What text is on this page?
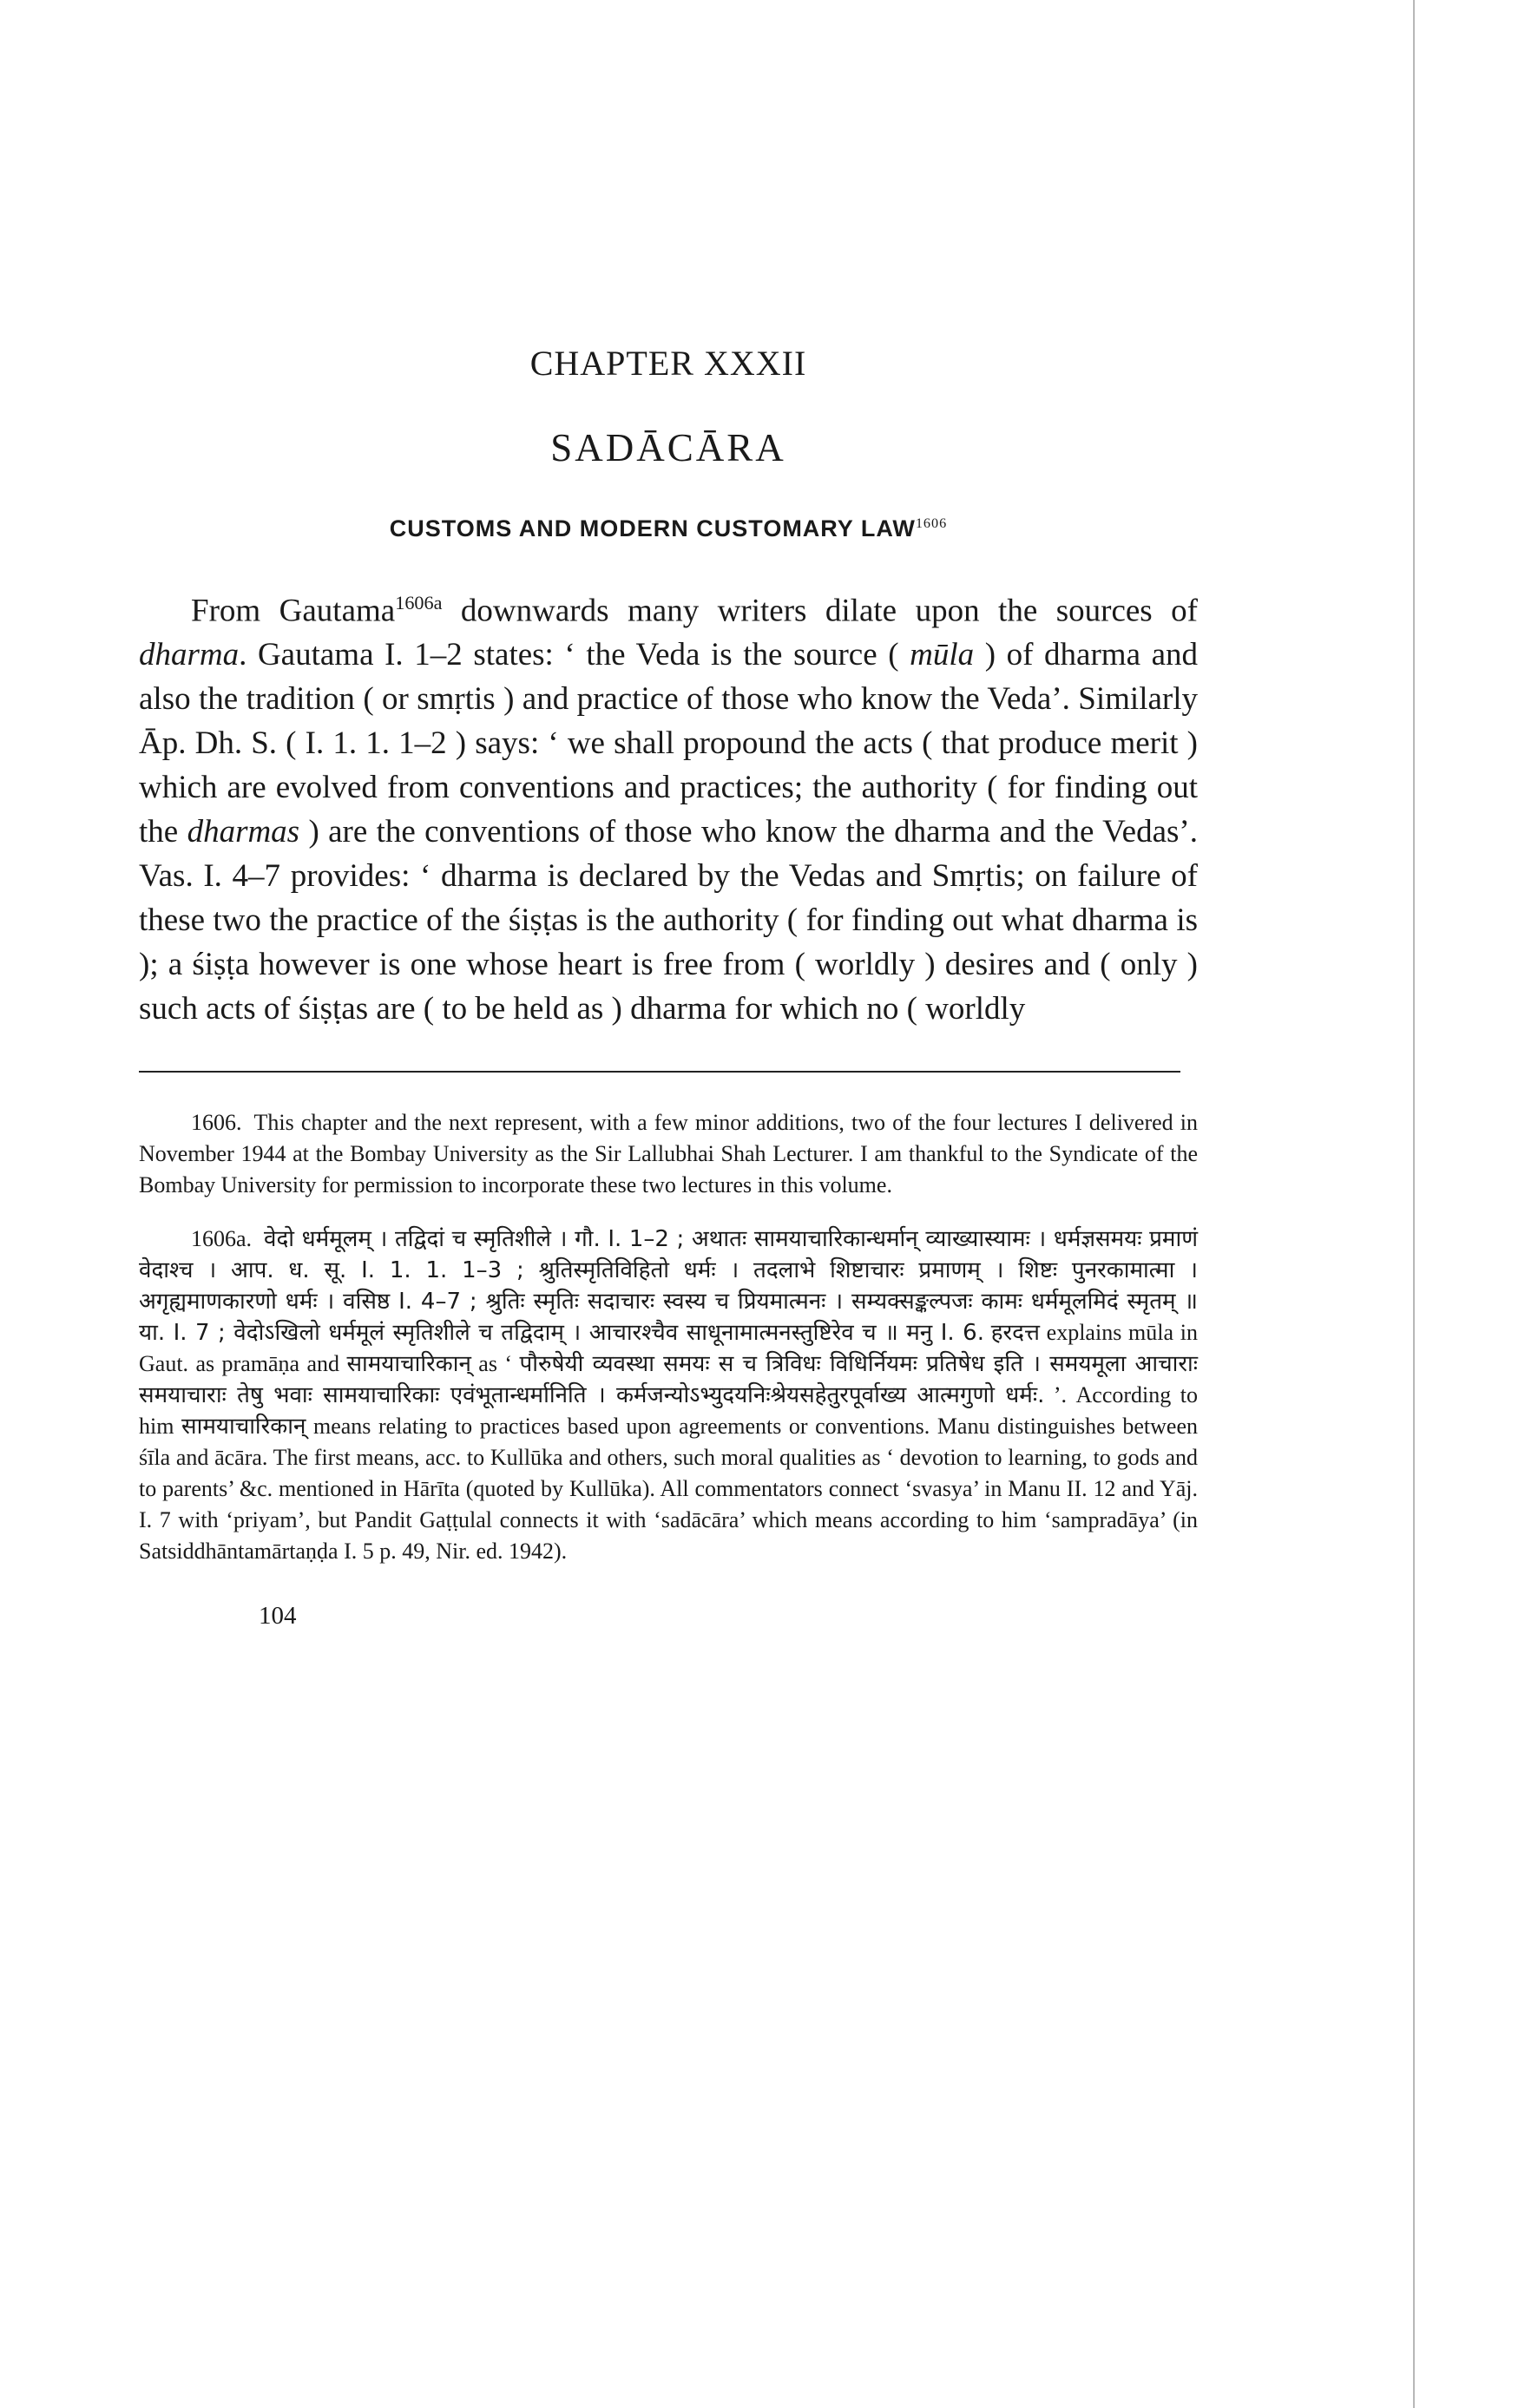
CHAPTER XXXII
SADĀCĀRA
CUSTOMS AND MODERN CUSTOMARY $LAW^{1606}$

From Gautama$^{1606a}$ downwards many writers dilate upon the sources of dharma. Gautama I. 1–2 states: ‘ the Veda is the source ( mūla ) of dharma and also the tradition ( or smṛtis ) and practice of those who know the Veda’. Similarly Āp. Dh. S. ( I. 1. 1. 1–2 ) says: ‘ we shall propound the acts ( that produce merit ) which are evolved from conventions and practices; the authority ( for finding out the dharmas ) are the conventions of those who know the dharma and the Vedas’. Vas. I. 4–7 provides: ‘ dharma is declared by the Vedas and Smṛtis; on failure of these two the practice of the śiṣṭas is the authority ( for finding out what dharma is ); a śiṣṭa however is one whose heart is free from ( worldly ) desires and ( only ) such acts of śiṣṭas are ( to be held as ) dharma for which no ( worldly

1606. This chapter and the next represent, with a few minor additions, two of the four lectures I delivered in November 1944 at the Bombay University as the Sir Lallubhai Shah Lecturer. I am thankful to the Syndicate of the Bombay University for permission to incorporate these two lectures in this volume.

1606a. वेदो धर्ममूलम् । तद्विदां च स्मृतिशीले । गौ. I. 1–2 ; अथातः सामयाचारिकान्धर्मान् व्याख्यास्यामः । धर्मज्ञसमयः प्रमाणं वेदाश्च । आप. ध. सू. I. 1. 1. 1–3 ; श्रुतिस्मृतिविहितो धर्मः । तदलाभे शिष्टाचारः प्रमाणम् । शिष्टः पुनरकामात्मा । अगृह्यमाणकारणो धर्मः । वसिष्ठ I. 4–7 ; श्रुतिः स्मृतिः सदाचारः स्वस्य च प्रियमात्मनः । सम्यक्सङ्कल्पजः कामः धर्ममूलमिदं स्मृतम् ॥ या. I. 7 ; वेदोऽखिलो धर्ममूलं स्मृतिशीले च तद्विदाम् । आचारश्चैव साधूनामात्मनस्तुष्टिरेव च ॥ मनु I. 6. हरदत्त explains mūla in Gaut. as pramāṇa and सामयाचारिकान् as ‘ पौरुषेयी व्यवस्था समयः स च त्रिविधः विधिर्नियमः प्रतिषेध इति । समयमूला आचाराः समयाचाराः तेषु भवाः सामयाचारिकाः एवंभूतान्धर्मानिति । कर्मजन्योऽभ्युदयनिःश्रेयसहेतुरपूर्वाख्य आत्मगुणो धर्मः. ’. According to him सामयाचारिकान् means relating to practices based upon agreements or conventions. Manu distinguishes between śīla and ācāra. The first means, acc. to Kullūka and others, such moral qualities as ‘ devotion to learning, to gods and to parents’ &c. mentioned in Hārīta (quoted by Kullūka). All commentators connect ‘svasya’ in Manu II. 12 and Yāj. I. 7 with ‘priyam’, but Pandit Gaṭṭulal connects it with ‘sadācāra’ which means according to him ‘sampradāya’ (in Satsiddhāntamārtaṇḍa I. 5 p. 49, Nir. ed. 1942).

104
